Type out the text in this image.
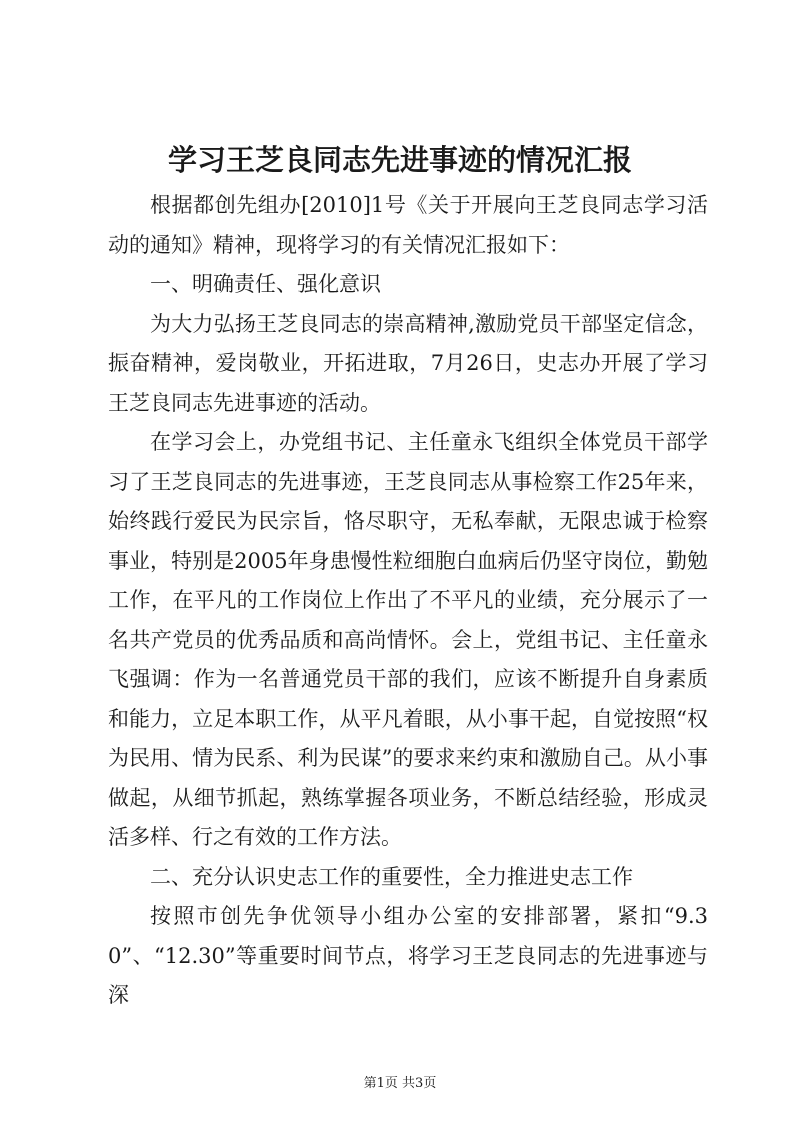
学习王芝良同志先进事迹的情况汇报

根据都创先组办[2010]1号《关于开展向王芝良同志学习活动的通知》精神，现将学习的有关情况汇报如下：

一、明确责任、强化意识

为大力弘扬王芝良同志的崇高精神,激励党员干部坚定信念，振奋精神，爱岗敬业，开拓进取，7月26日，史志办开展了学习王芝良同志先进事迹的活动。

在学习会上，办党组书记、主任童永飞组织全体党员干部学习了王芝良同志的先进事迹，王芝良同志从事检察工作25年来，始终践行爱民为民宗旨，恪尽职守，无私奉献，无限忠诚于检察事业，特别是2005年身患慢性粒细胞白血病后仍坚守岗位，勤勉工作，在平凡的工作岗位上作出了不平凡的业绩，充分展示了一名共产党员的优秀品质和高尚情怀。会上，党组书记、主任童永飞强调：作为一名普通党员干部的我们，应该不断提升自身素质和能力，立足本职工作，从平凡着眼，从小事干起，自觉按照“权为民用、情为民系、利为民谋”的要求来约束和激励自己。从小事做起，从细节抓起，熟练掌握各项业务，不断总结经验，形成灵活多样、行之有效的工作方法。

二、充分认识史志工作的重要性，全力推进史志工作

按照市创先争优领导小组办公室的安排部署，紧扣“9.30”、“12.30”等重要时间节点，将学习王芝良同志的先进事迹与深

第1页 共3页
